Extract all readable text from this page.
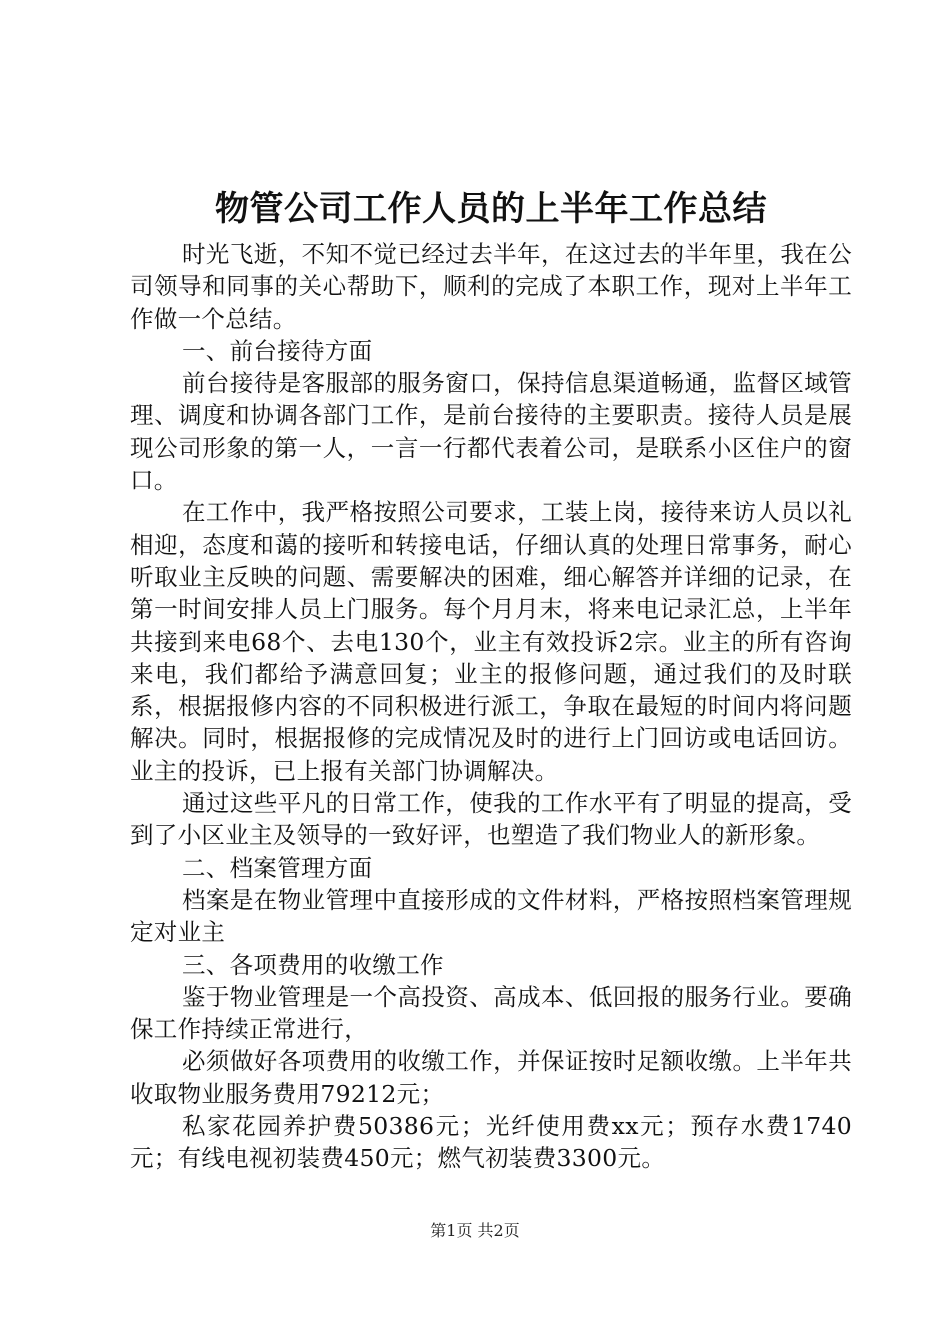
物管公司工作人员的上半年工作总结

时光飞逝，不知不觉已经过去半年，在这过去的半年里，我在公司领导和同事的关心帮助下，顺利的完成了本职工作，现对上半年工作做一个总结。

一、前台接待方面

前台接待是客服部的服务窗口，保持信息渠道畅通，监督区域管理、调度和协调各部门工作，是前台接待的主要职责。接待人员是展现公司形象的第一人，一言一行都代表着公司，是联系小区住户的窗口。

在工作中，我严格按照公司要求，工装上岗，接待来访人员以礼相迎，态度和蔼的接听和转接电话，仔细认真的处理日常事务，耐心听取业主反映的问题、需要解决的困难，细心解答并详细的记录，在第一时间安排人员上门服务。每个月月末，将来电记录汇总，上半年共接到来电68个、去电130个，业主有效投诉2宗。业主的所有咨询来电，我们都给予满意回复；业主的报修问题，通过我们的及时联系，根据报修内容的不同积极进行派工，争取在最短的时间内将问题解决。同时，根据报修的完成情况及时的进行上门回访或电话回访。业主的投诉，已上报有关部门协调解决。

通过这些平凡的日常工作，使我的工作水平有了明显的提高，受到了小区业主及领导的一致好评，也塑造了我们物业人的新形象。

二、档案管理方面

档案是在物业管理中直接形成的文件材料，严格按照档案管理规定对业主

三、各项费用的收缴工作

鉴于物业管理是一个高投资、高成本、低回报的服务行业。要确保工作持续正常进行，

必须做好各项费用的收缴工作，并保证按时足额收缴。上半年共收取物业服务费用79212元；

私家花园养护费50386元；光纤使用费xx元；预存水费1740元；有线电视初装费450元；燃气初装费3300元。

第1页 共2页
